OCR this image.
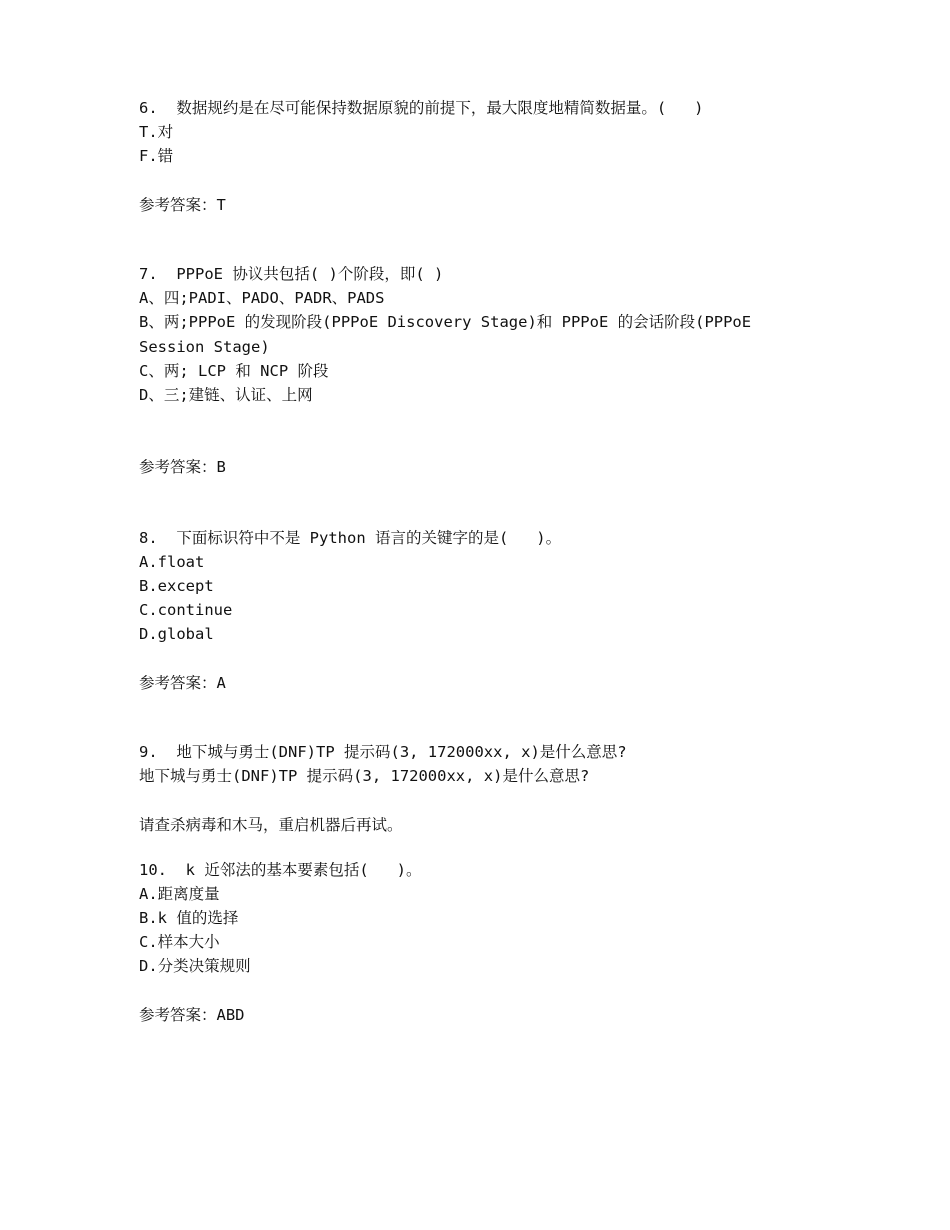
6.  数据规约是在尽可能保持数据原貌的前提下，最大限度地精简数据量。(   )
T.对
F.错
参考答案：T
7.  PPPoE 协议共包括( )个阶段，即( )
A、四;PADI、PADO、PADR、PADS
B、两;PPPoE 的发现阶段(PPPoE Discovery Stage)和 PPPoE 的会话阶段(PPPoE
Session Stage)
C、两; LCP 和 NCP 阶段
D、三;建链、认证、上网
参考答案：B
8.  下面标识符中不是 Python 语言的关键字的是(   )。
A.float
B.except
C.continue
D.global
参考答案：A
9.  地下城与勇士(DNF)TP 提示码(3, 172000xx, x)是什么意思?
地下城与勇士(DNF)TP 提示码(3, 172000xx, x)是什么意思?
请查杀病毒和木马，重启机器后再试。
10.  k 近邻法的基本要素包括(   )。
A.距离度量
B.k 值的选择
C.样本大小
D.分类决策规则
参考答案：ABD
